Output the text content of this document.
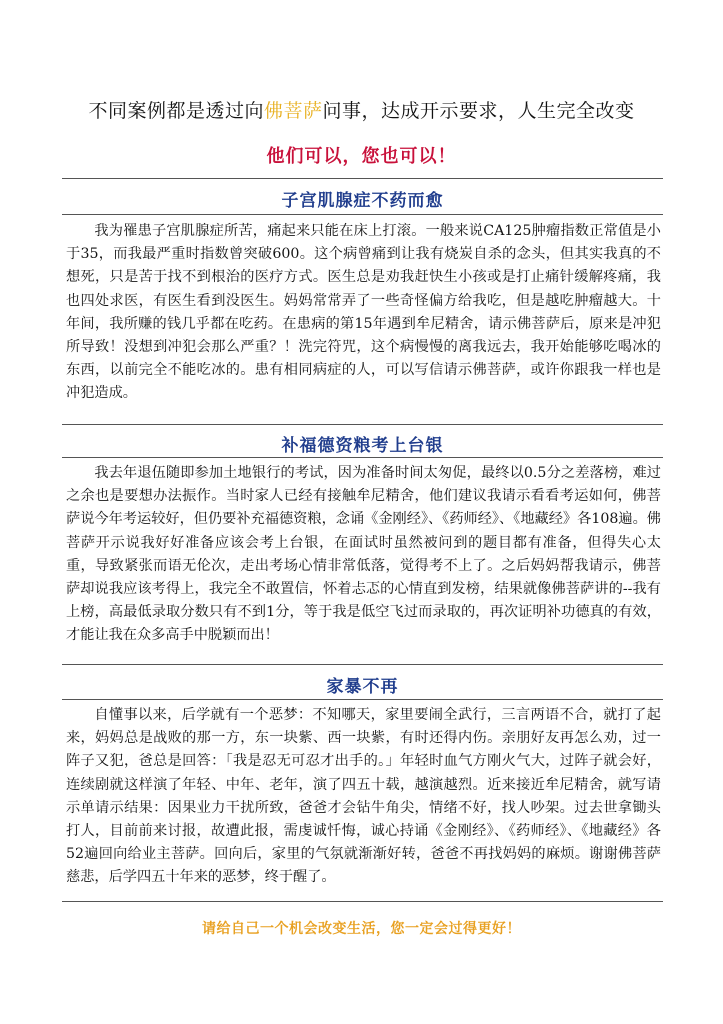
不同案例都是透过向佛菩萨问事，达成开示要求，人生完全改变
他们可以，您也可以！
子宫肌腺症不药而愈
我为罹患子宫肌腺症所苦，痛起来只能在床上打滚。一般来说CA125肿瘤指数正常值是小于35，而我最严重时指数曾突破600。这个病曾痛到让我有烧炭自杀的念头，但其实我真的不想死，只是苦于找不到根治的医疗方式。医生总是劝我赶快生小孩或是打止痛针缓解疼痛，我也四处求医，有医生看到没医生。妈妈常常弄了一些奇怪偏方给我吃，但是越吃肿瘤越大。十年间，我所赚的钱几乎都在吃药。在患病的第15年遇到牟尼精舍，请示佛菩萨后，原来是冲犯所导致！没想到冲犯会那么严重？！洗完符咒，这个病慢慢的离我远去，我开始能够吃喝冰的东西，以前完全不能吃冰的。患有相同病症的人，可以写信请示佛菩萨，或许你跟我一样也是冲犯造成。
补福德资粮考上台银
我去年退伍随即参加土地银行的考试，因为准备时间太匆促，最终以0.5分之差落榜，难过之余也是要想办法振作。当时家人已经有接触牟尼精舍，他们建议我请示看看考运如何，佛菩萨说今年考运较好，但仍要补充福德资粮，念诵《金刚经》、《药师经》、《地藏经》各108遍。佛菩萨开示说我好好准备应该会考上台银，在面试时虽然被问到的题目都有准备，但得失心太重，导致紧张而语无伦次，走出考场心情非常低落，觉得考不上了。之后妈妈帮我请示，佛菩萨却说我应该考得上，我完全不敢置信，怀着忐忑的心情直到发榜，结果就像佛菩萨讲的--我有上榜，高最低录取分数只有不到1分，等于我是低空飞过而录取的，再次证明补功德真的有效，才能让我在众多高手中脱颖而出！
家暴不再
自懂事以来，后学就有一个恶梦：不知哪天，家里要闹全武行，三言两语不合，就打了起来，妈妈总是战败的那一方，东一块紫、西一块紫，有时还得内伤。亲朋好友再怎么劝，过一阵子又犯，爸总是回答：「我是忍无可忍才出手的。」年轻时血气方刚火气大，过阵子就会好，连续剧就这样演了年轻、中年、老年，演了四五十载，越演越烈。近来接近牟尼精舍，就写请示单请示结果：因果业力干扰所致，爸爸才会钻牛角尖，情绪不好，找人吵架。过去世拿锄头打人，目前前来讨报，故遭此报，需虔诚忏悔，诚心持诵《金刚经》、《药师经》、《地藏经》各52遍回向给业主菩萨。回向后，家里的气氛就渐渐好转，爸爸不再找妈妈的麻烦。谢谢佛菩萨慈悲，后学四五十年来的恶梦，终于醒了。
请给自己一个机会改变生活，您一定会过得更好！
